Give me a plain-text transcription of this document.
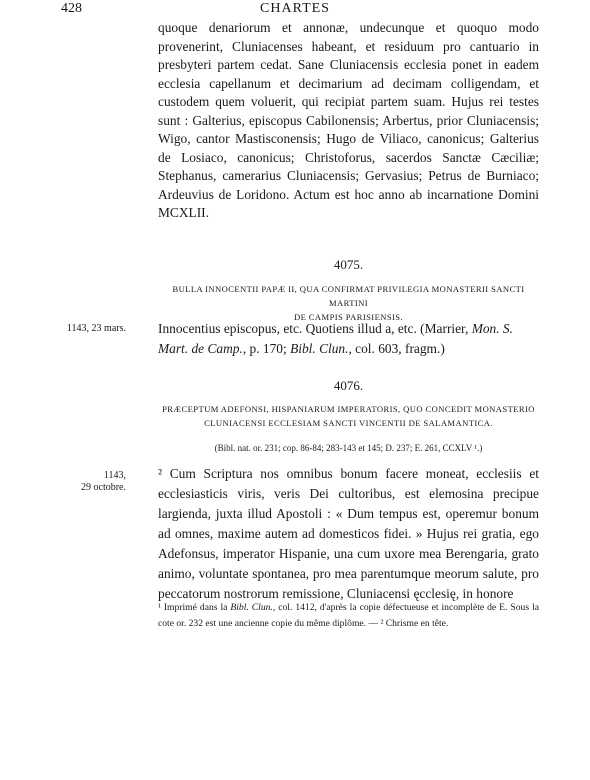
428	CHARTES
quoque denariorum et annonæ, undecunque et quoquo modo provenerint, Cluniacenses habeant, et residuum pro cantuario in presbyteri partem cedat. Sane Cluniacensis ecclesia ponet in eadem ecclesia capellanum et decimarium ad decimam colligendam, et custodem quem voluerit, qui recipiat partem suam. Hujus rei testes sunt : Galterius, episcopus Cabilonensis; Arbertus, prior Cluniacensis; Wigo, cantor Mastisconensis; Hugo de Viliaco, canonicus; Galterius de Losiaco, canonicus; Christoforus, sacerdos Sanctæ Cæciliæ; Stephanus, camerarius Cluniacensis; Gervasius; Petrus de Burniaco; Ardeuvius de Loridono. Actum est hoc anno ab incarnatione Domini MCXLII.
4075.
BULLA INNOCENTII PAPÆ II, QUA CONFIRMAT PRIVILEGIA MONASTERII SANCTI MARTINI
DE CAMPIS PARISIENSIS.
1143, 23 mars. Innocentius episcopus, etc. Quotiens illud a, etc. (Marrier, Mon. S. Mart. de Camp., p. 170; Bibl. Clun., col. 603, fragm.)
4076.
PRÆCEPTUM ADEFONSI, HISPANIARUM IMPERATORIS, QUO CONCEDIT MONASTERIO
CLUNIACENSI ECCLESIAM SANCTI VINCENTII DE SALAMANTICA.
(Bibl. nat. or. 231; cop. 86-84; 283-143 et 145; D. 237; E. 261, CCXLV ¹.)
1143,
29 octobre.
² Cum Scriptura nos omnibus bonum facere moneat, ecclesiis et ecclesiasticis viris, veris Dei cultoribus, est elemosina precipue largienda, juxta illud Apostoli : « Dum tempus est, operemur bonum ad omnes, maxime autem ad domesticos fidei. » Hujus rei gratia, ego Adefonsus, imperator Hispanie, una cum uxore mea Berengaria, grato animo, voluntate spontanea, pro mea parentumque meorum salute, pro peccatorum nostrorum remissione, Cluniacensi ęcclesię, in honore
¹ Imprimé dans la Bibl. Clun., col. 1412, d'après la copie défectueuse et incomplète de E. Sous la cote or. 232 est une ancienne copie du même diplôme. — ² Chrisme en tête.
